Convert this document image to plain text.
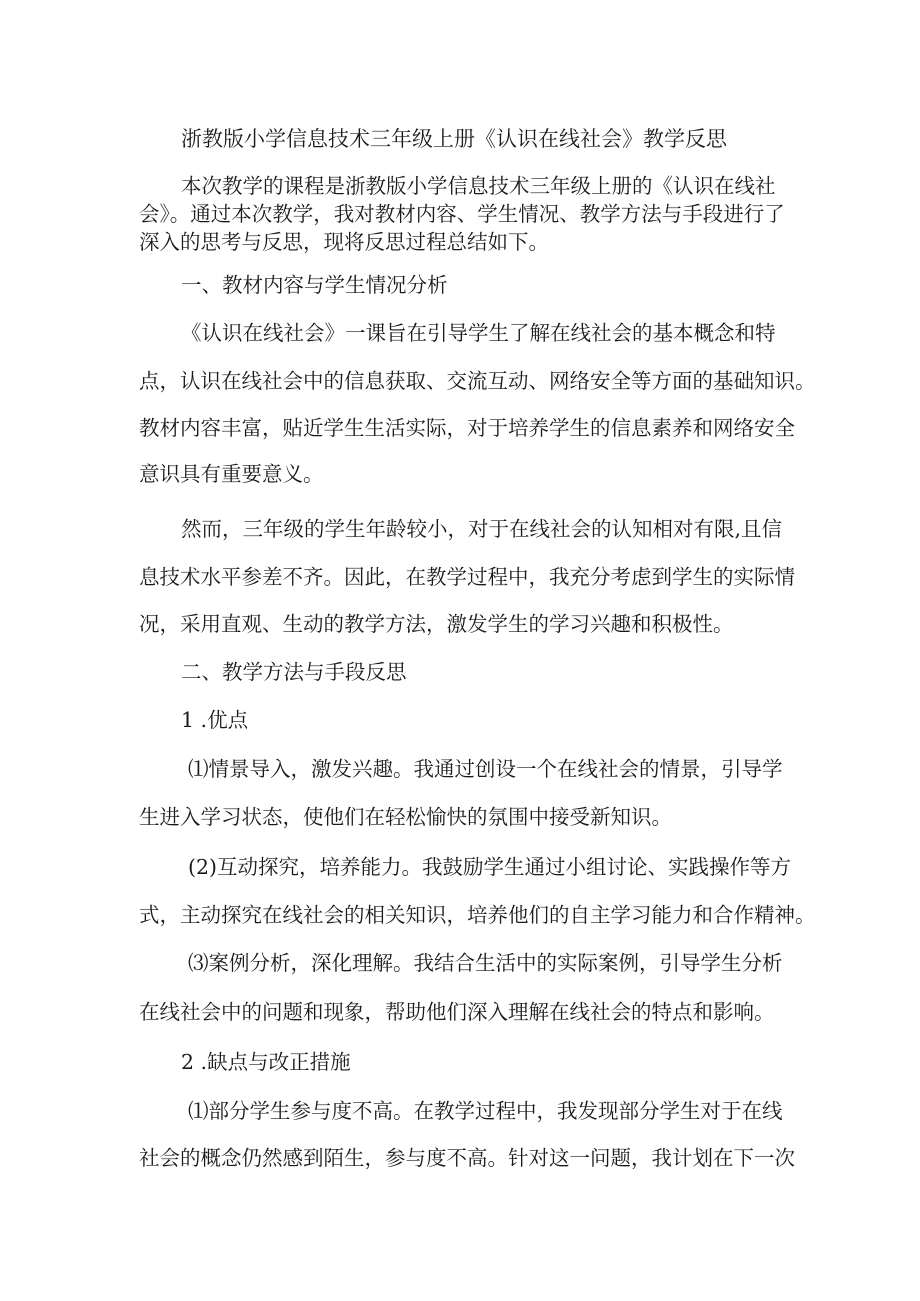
浙教版小学信息技术三年级上册《认识在线社会》教学反思
本次教学的课程是浙教版小学信息技术三年级上册的《认识在线社
会》。通过本次教学，我对教材内容、学生情况、教学方法与手段进行了
深入的思考与反思，现将反思过程总结如下。
一、教材内容与学生情况分析
《认识在线社会》一课旨在引导学生了解在线社会的基本概念和特
点，认识在线社会中的信息获取、交流互动、网络安全等方面的基础知识。
教材内容丰富，贴近学生生活实际，对于培养学生的信息素养和网络安全
意识具有重要意义。
然而，三年级的学生年龄较小，对于在线社会的认知相对有限,且信
息技术水平参差不齐。因此，在教学过程中，我充分考虑到学生的实际情
况，采用直观、生动的教学方法，激发学生的学习兴趣和积极性。
二、教学方法与手段反思
1 .优点
⑴情景导入，激发兴趣。我通过创设一个在线社会的情景，引导学
生进入学习状态，使他们在轻松愉快的氛围中接受新知识。
(2)互动探究，培养能力。我鼓励学生通过小组讨论、实践操作等方
式，主动探究在线社会的相关知识，培养他们的自主学习能力和合作精神。
⑶案例分析，深化理解。我结合生活中的实际案例，引导学生分析
在线社会中的问题和现象，帮助他们深入理解在线社会的特点和影响。
2 .缺点与改正措施
⑴部分学生参与度不高。在教学过程中，我发现部分学生对于在线
社会的概念仍然感到陌生，参与度不高。针对这一问题，我计划在下一次
